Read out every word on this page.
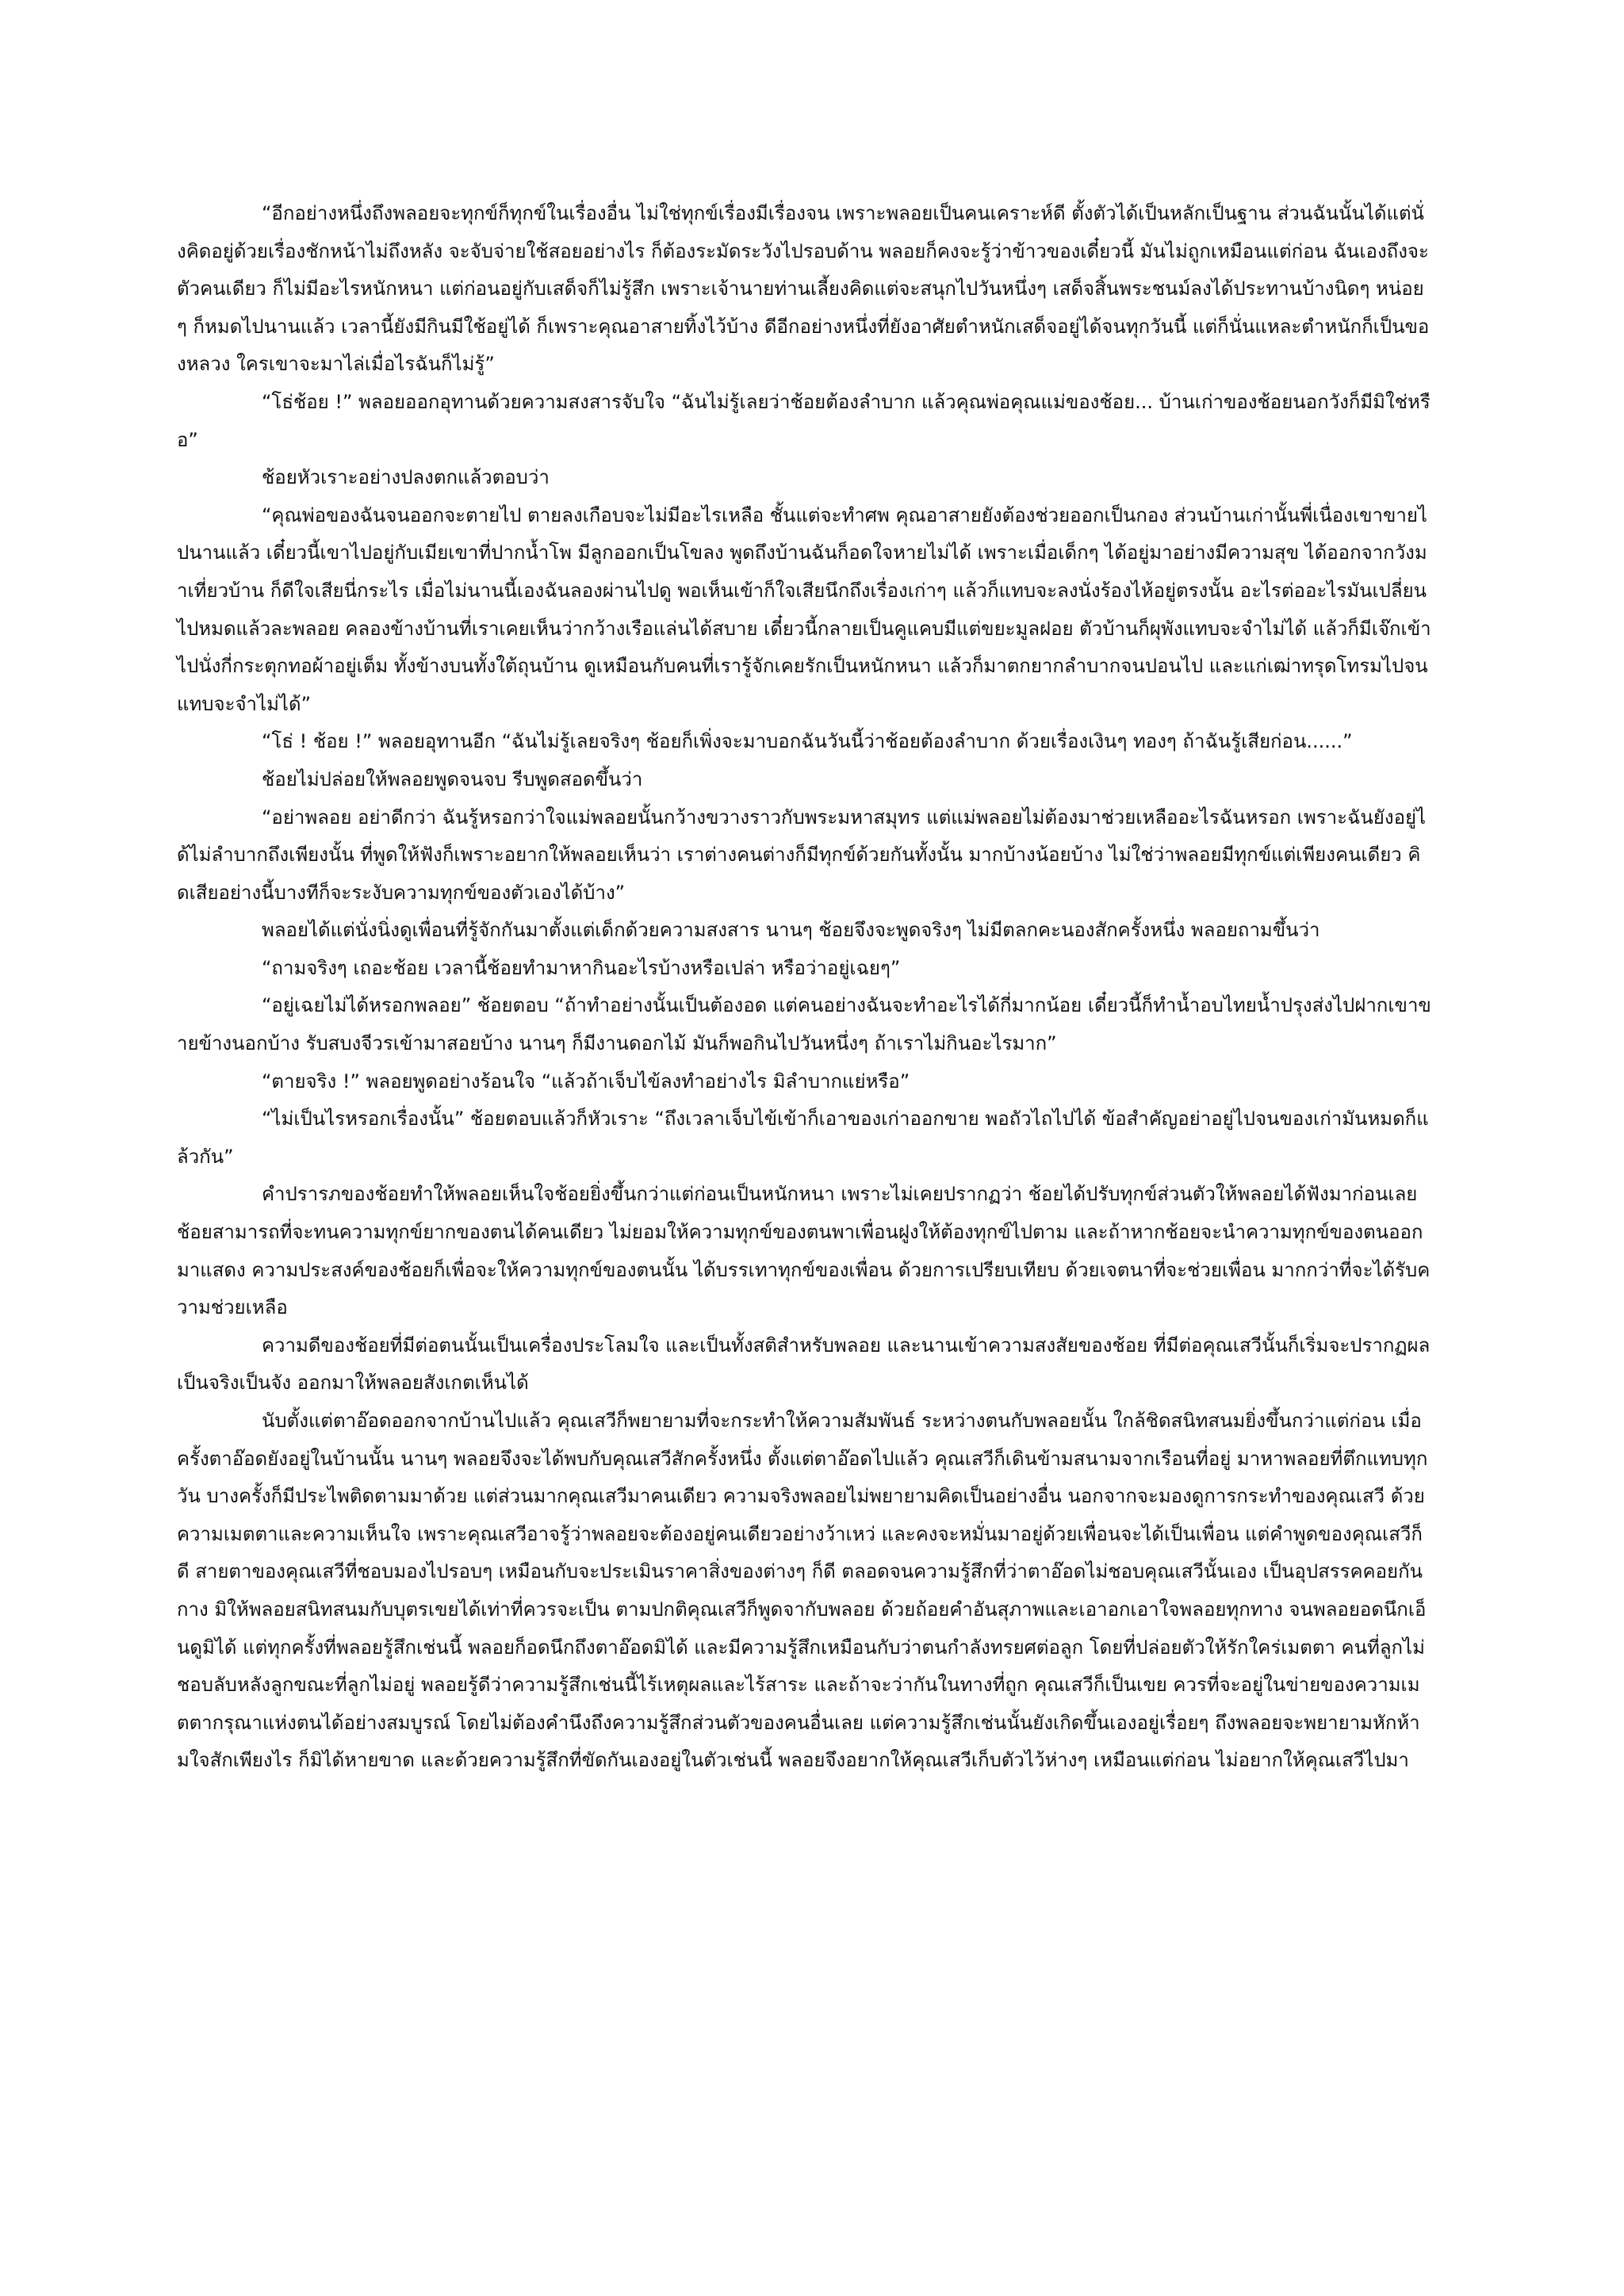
“อีกอย่างหนึ่งถึงพลอยจะทุกข์ก็ทุกข์ในเรื่องอื่น ไม่ใช่ทุกข์เรื่องมีเรื่องจน เพราะพลอยเป็นคนเคราะห์ดี ตั้งตัวได้เป็นหลักเป็นฐาน ส่วนฉันนั้นได้แต่นั่งคิดอยู่ด้วยเรื่องชักหน้าไม่ถึงหลัง จะจับจ่ายใช้สอยอย่างไร ก็ต้องระมัดระวังไปรอบด้าน พลอยก็คงจะรู้ว่าข้าวของเดี๋ยวนี้ มันไม่ถูกเหมือนแต่ก่อน ฉันเองถึงจะตัวคนเดียว ก็ไม่มีอะไรหนักหนา แต่ก่อนอยู่กับเสด็จก็ไม่รู้สึก เพราะเจ้านายท่านเลี้ยงคิดแต่จะสนุกไปวันหนึ่งๆ เสด็จสิ้นพระชนม์ลงได้ประทานบ้างนิดๆ หน่อยๆ ก็หมดไปนานแล้ว เวลานี้ยังมีกินมีใช้อยู่ได้ ก็เพราะคุณอาสายทิ้งไว้บ้าง ดีอีกอย่างหนึ่งที่ยังอาศัยตำหนักเสด็จอยู่ได้จนทุกวันนี้ แต่ก็นั่นแหละตำหนักก็เป็นของหลวง ใครเขาจะมาไล่เมื่อไรฉันก็ไม่รู้”

“โธ่ช้อย !” พลอยออกอุทานด้วยความสงสารจับใจ “ฉันไม่รู้เลยว่าช้อยต้องลำบาก แล้วคุณพ่อคุณแม่ของช้อย... บ้านเก่าของช้อยนอกวังก็มีมิใช่หรือ”

ช้อยหัวเราะอย่างปลงตกแล้วตอบว่า

“คุณพ่อของฉันจนออกจะตายไป ตายลงเกือบจะไม่มีอะไรเหลือ ชั้นแต่จะทำศพ คุณอาสายยังต้องช่วยออกเป็นกอง ส่วนบ้านเก่านั้นพี่เนื่องเขาขายไปนานแล้ว เดี๋ยวนี้เขาไปอยู่กับเมียเขาที่ปากน้ำโพ มีลูกออกเป็นโขลง พูดถึงบ้านฉันก็อดใจหายไม่ได้ เพราะเมื่อเด็กๆ ได้อยู่มาอย่างมีความสุข ได้ออกจากวังมาเที่ยวบ้าน ก็ดีใจเสียนี่กระไร เมื่อไม่นานนี้เองฉันลองผ่านไปดู พอเห็นเข้าก็ใจเสียนึกถึงเรื่องเก่าๆ แล้วก็แทบจะลงนั่งร้องไห้อยู่ตรงนั้น อะไรต่ออะไรมันเปลี่ยนไปหมดแล้วละพลอย คลองข้างบ้านที่เราเคยเห็นว่ากว้างเรือแล่นได้สบาย เดี๋ยวนี้กลายเป็นคูแคบมีแต่ขยะมูลฝอย ตัวบ้านก็ผุพังแทบจะจำไม่ได้ แล้วก็มีเจ๊กเข้าไปนั่งกี่กระตุกทอผ้าอยู่เต็ม ทั้งข้างบนทั้งใต้ถุนบ้าน ดูเหมือนกับคนที่เรารู้จักเคยรักเป็นหนักหนา แล้วก็มาตกยากลำบากจนปอนไป และแก่เฒ่าทรุดโทรมไปจนแทบจะจำไม่ได้”

“โธ่ ! ช้อย !” พลอยอุทานอีก “ฉันไม่รู้เลยจริงๆ ช้อยก็เพิ่งจะมาบอกฉันวันนี้ว่าช้อยต้องลำบาก ด้วยเรื่องเงินๆ ทองๆ ถ้าฉันรู้เสียก่อน......”

ช้อยไม่ปล่อยให้พลอยพูดจนจบ รีบพูดสอดขึ้นว่า

“อย่าพลอย อย่าดีกว่า ฉันรู้หรอกว่าใจแม่พลอยนั้นกว้างขวางราวกับพระมหาสมุทร แต่แม่พลอยไม่ต้องมาช่วยเหลืออะไรฉันหรอก เพราะฉันยังอยู่ได้ไม่ลำบากถึงเพียงนั้น ที่พูดให้ฟังก็เพราะอยากให้พลอยเห็นว่า เราต่างคนต่างก็มีทุกข์ด้วยกันทั้งนั้น มากบ้างน้อยบ้าง ไม่ใช่ว่าพลอยมีทุกข์แต่เพียงคนเดียว คิดเสียอย่างนี้บางทีก็จะระงับความทุกข์ของตัวเองได้บ้าง”

พลอยได้แต่นั่งนิ่งดูเพื่อนที่รู้จักกันมาตั้งแต่เด็กด้วยความสงสาร นานๆ ช้อยจึงจะพูดจริงๆ ไม่มีตลกคะนองสักครั้งหนึ่ง พลอยถามขึ้นว่า

“ถามจริงๆ เถอะช้อย เวลานี้ช้อยทำมาหากินอะไรบ้างหรือเปล่า หรือว่าอยู่เฉยๆ”

“อยู่เฉยไม่ได้หรอกพลอย” ช้อยตอบ “ถ้าทำอย่างนั้นเป็นต้องอด แต่คนอย่างฉันจะทำอะไรได้กี่มากน้อย เดี๋ยวนี้ก็ทำน้ำอบไทยน้ำปรุงส่งไปฝากเขาขายข้างนอกบ้าง รับสบงจีวรเข้ามาสอยบ้าง นานๆ ก็มีงานดอกไม้ มันก็พอกินไปวันหนึ่งๆ ถ้าเราไม่กินอะไรมาก”

“ตายจริง !” พลอยพูดอย่างร้อนใจ “แล้วถ้าเจ็บไข้ลงทำอย่างไร มิลำบากแย่หรือ”

“ไม่เป็นไรหรอกเรื่องนั้น” ช้อยตอบแล้วก็หัวเราะ “ถึงเวลาเจ็บไข้เข้าก็เอาของเก่าออกขาย พอถัวไถไปได้ ข้อสำคัญอย่าอยู่ไปจนของเก่ามันหมดก็แล้วกัน”

คำปรารภของช้อยทำให้พลอยเห็นใจช้อยยิ่งขึ้นกว่าแต่ก่อนเป็นหนักหนา เพราะไม่เคยปรากฏว่า ช้อยได้ปรับทุกข์ส่วนตัวให้พลอยได้ฟังมาก่อนเลย ช้อยสามารถที่จะทนความทุกข์ยากของตนได้คนเดียว ไม่ยอมให้ความทุกข์ของตนพาเพื่อนฝูงให้ต้องทุกข์ไปตาม และถ้าหากช้อยจะนำความทุกข์ของตนออกมาแสดง ความประสงค์ของช้อยก็เพื่อจะให้ความทุกข์ของตนนั้น ได้บรรเทาทุกข์ของเพื่อน ด้วยการเปรียบเทียบ ด้วยเจตนาที่จะช่วยเพื่อน มากกว่าที่จะได้รับความช่วยเหลือ

ความดีของช้อยที่มีต่อตนนั้นเป็นเครื่องประโลมใจ และเป็นทั้งสติสำหรับพลอย และนานเข้าความสงสัยของช้อย ที่มีต่อคุณเสวีนั้นก็เริ่มจะปรากฏผลเป็นจริงเป็นจัง ออกมาให้พลอยสังเกตเห็นได้

นับตั้งแต่ตาอ๊อดออกจากบ้านไปแล้ว คุณเสวีก็พยายามที่จะกระทำให้ความสัมพันธ์ ระหว่างตนกับพลอยนั้น ใกล้ชิดสนิทสนมยิ่งขึ้นกว่าแต่ก่อน เมื่อครั้งตาอ๊อดยังอยู่ในบ้านนั้น นานๆ พลอยจึงจะได้พบกับคุณเสวีสักครั้งหนึ่ง ตั้งแต่ตาอ๊อดไปแล้ว คุณเสวีก็เดินข้ามสนามจากเรือนที่อยู่ มาหาพลอยที่ตึกแทบทุกวัน บางครั้งก็มีประไพติดตามมาด้วย แต่ส่วนมากคุณเสวีมาคนเดียว ความจริงพลอยไม่พยายามคิดเป็นอย่างอื่น นอกจากจะมองดูการกระทำของคุณเสวี ด้วยความเมตตาและความเห็นใจ เพราะคุณเสวีอาจรู้ว่าพลอยจะต้องอยู่คนเดียวอย่างว้าเหว่ และคงจะหมั่นมาอยู่ด้วยเพื่อนจะได้เป็นเพื่อน แต่คำพูดของคุณเสวีก็ดี สายตาของคุณเสวีที่ชอบมองไปรอบๆ เหมือนกับจะประเมินราคาสิ่งของต่างๆ ก็ดี ตลอดจนความรู้สึกที่ว่าตาอ๊อดไม่ชอบคุณเสวีนั้นเอง เป็นอุปสรรคคอยกันกาง มิให้พลอยสนิทสนมกับบุตรเขยได้เท่าที่ควรจะเป็น ตามปกติคุณเสวีก็พูดจากับพลอย ด้วยถ้อยคำอันสุภาพและเอาอกเอาใจพลอยทุกทาง จนพลอยอดนึกเอ็นดูมิได้ แต่ทุกครั้งที่พลอยรู้สึกเช่นนี้ พลอยก็อดนึกถึงตาอ๊อดมิได้ และมีความรู้สึกเหมือนกับว่าตนกำลังทรยศต่อลูก โดยที่ปล่อยตัวให้รักใคร่เมตตา คนที่ลูกไม่ชอบลับหลังลูกขณะที่ลูกไม่อยู่ พลอยรู้ดีว่าความรู้สึกเช่นนี้ไร้เหตุผลและไร้สาระ และถ้าจะว่ากันในทางที่ถูก คุณเสวีก็เป็นเขย ควรที่จะอยู่ในข่ายของความเมตตากรุณาแห่งตนได้อย่างสมบูรณ์ โดยไม่ต้องคำนึงถึงความรู้สึกส่วนตัวของคนอื่นเลย แต่ความรู้สึกเช่นนั้นยังเกิดขึ้นเองอยู่เรื่อยๆ ถึงพลอยจะพยายามหักห้ามใจสักเพียงไร ก็มิได้หายขาด และด้วยความรู้สึกที่ขัดกันเองอยู่ในตัวเช่นนี้ พลอยจึงอยากให้คุณเสวีเก็บตัวไว้ห่างๆ เหมือนแต่ก่อน ไม่อยากให้คุณเสวีไปมา
